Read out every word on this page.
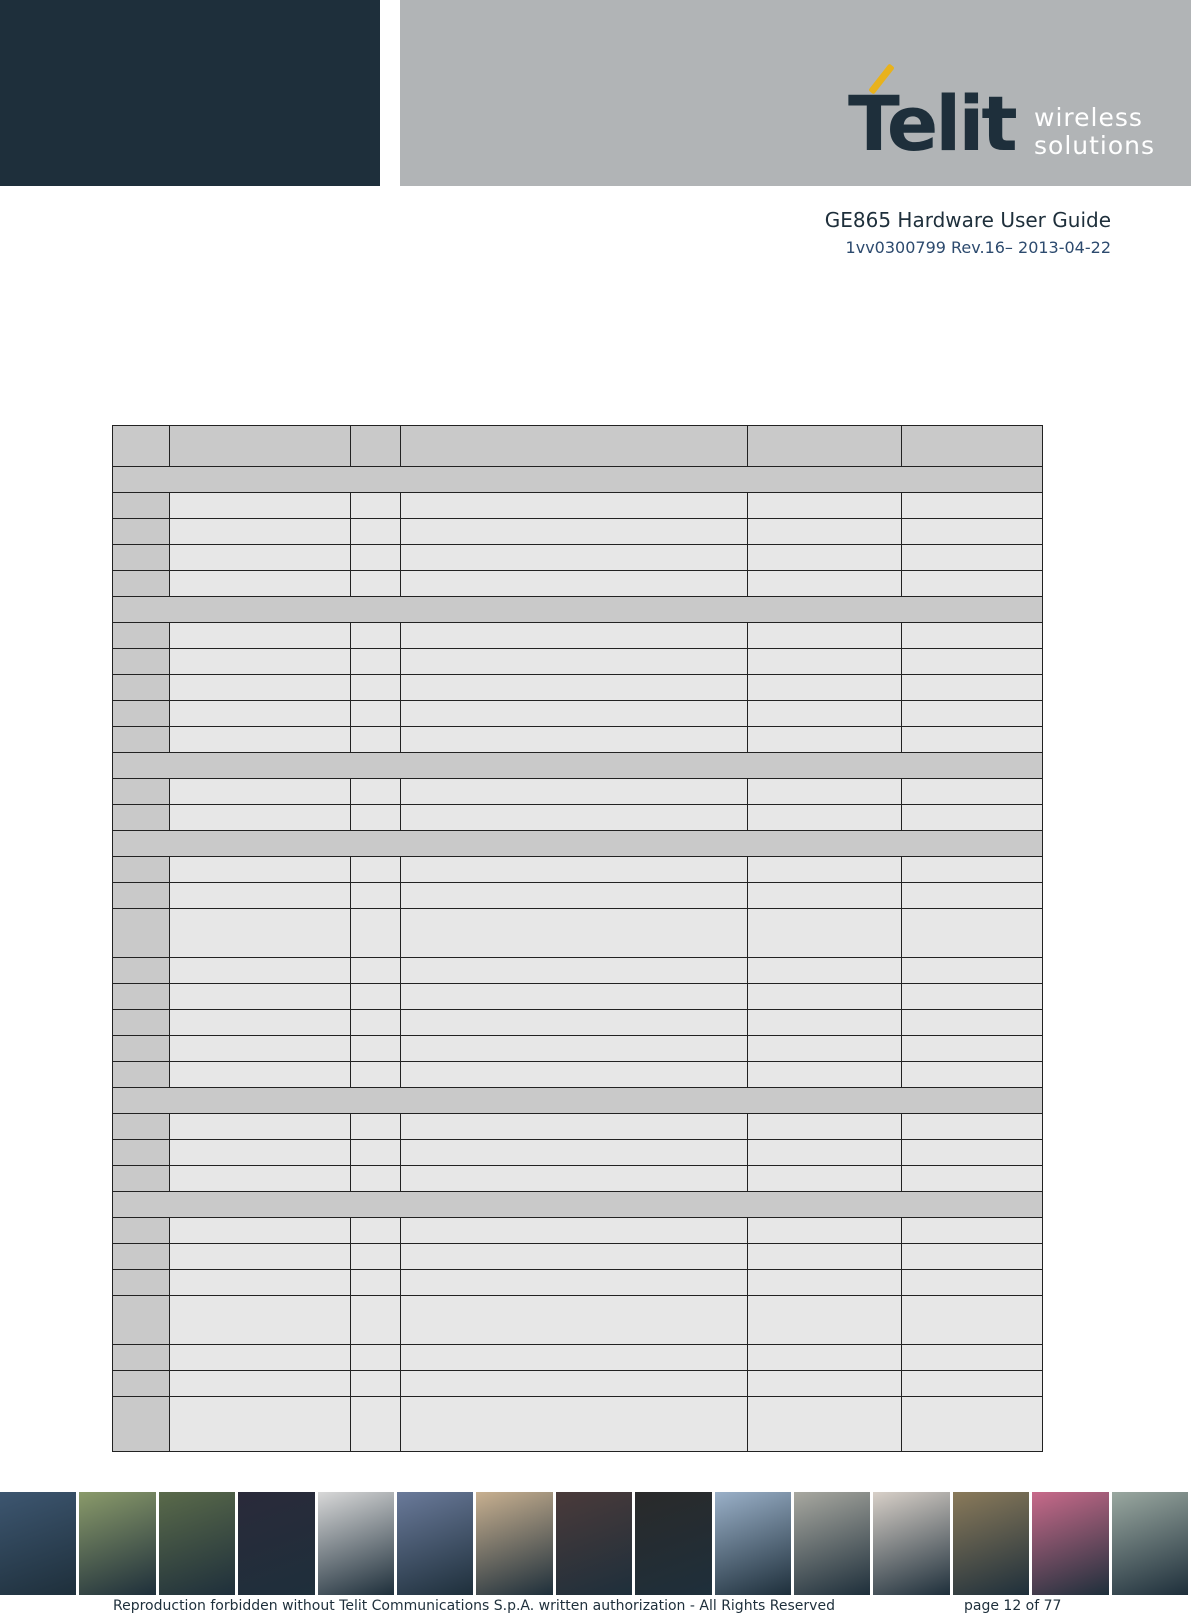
Telit wireless
solutions
GE865 Hardware User Guide
1vv0300799 Rev.16– 2013-04-22

Reproduction forbidden without Telit Communications S.p.A. written authorization - All Rights Reserved	page 12 of 77
